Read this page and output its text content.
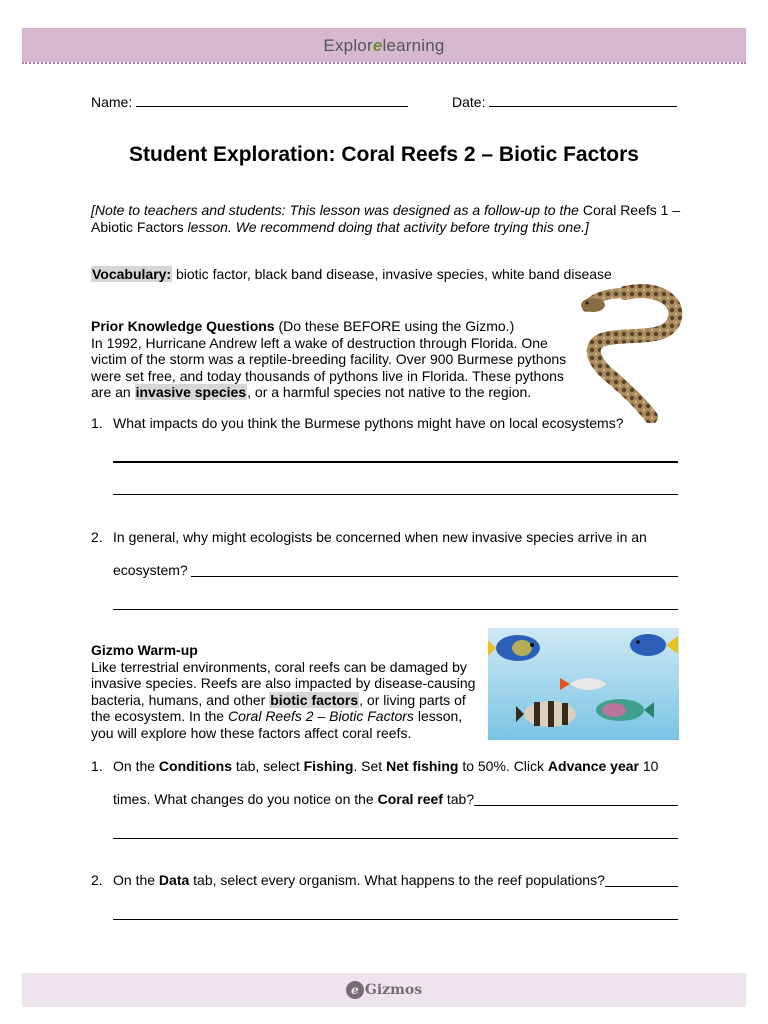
Explorelearning
Name:	Date:
Student Exploration: Coral Reefs 2 – Biotic Factors
[Note to teachers and students: This lesson was designed as a follow-up to the Coral Reefs 1 –
Abiotic Factors lesson. We recommend doing that activity before trying this one.]
Vocabulary: biotic factor, black band disease, invasive species, white band disease
Prior Knowledge Questions (Do these BEFORE using the Gizmo.)
In 1992, Hurricane Andrew left a wake of destruction through Florida. One
victim of the storm was a reptile-breeding facility. Over 900 Burmese pythons
were set free, and today thousands of pythons live in Florida. These pythons
are an invasive species, or a harmful species not native to the region.
1. What impacts do you think the Burmese pythons might have on local ecosystems?
2. In general, why might ecologists be concerned when new invasive species arrive in an
ecosystem?
Gizmo Warm-up
Like terrestrial environments, coral reefs can be damaged by
invasive species. Reefs are also impacted by disease-causing
bacteria, humans, and other biotic factors, or living parts of
the ecosystem. In the Coral Reefs 2 – Biotic Factors lesson,
you will explore how these factors affect coral reefs.
1. On the Conditions tab, select Fishing. Set Net fishing to 50%. Click Advance year 10
times. What changes do you notice on the Coral reef tab?
2. On the Data tab, select every organism. What happens to the reef populations?
e Gizmos
